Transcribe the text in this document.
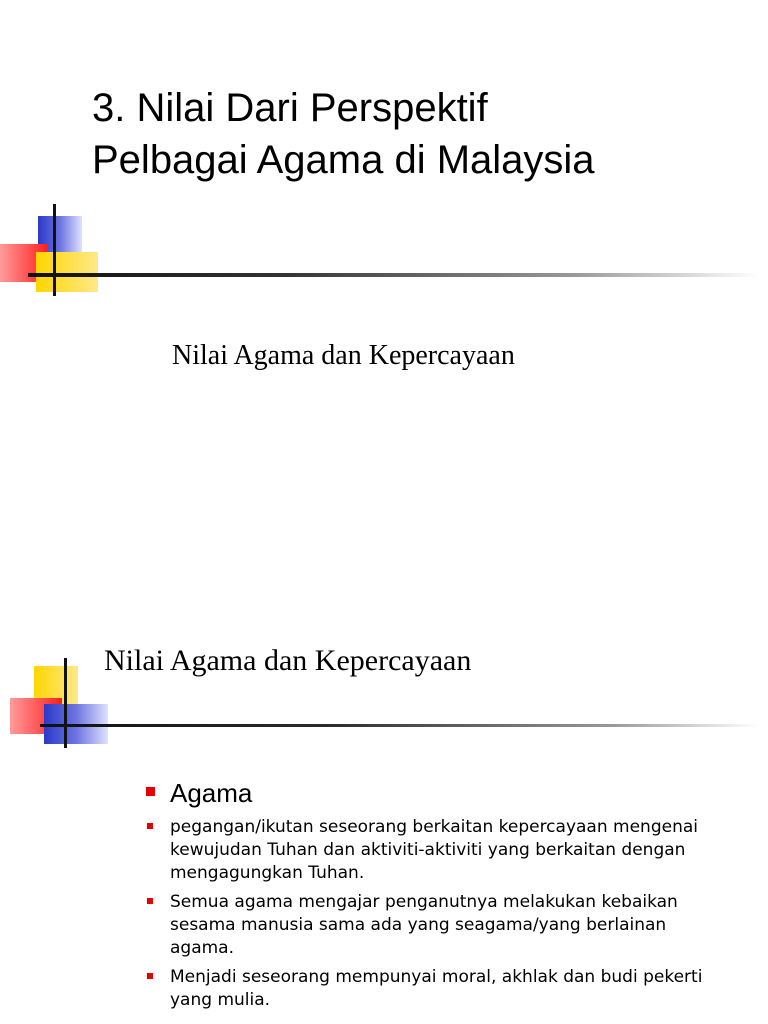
3. Nilai Dari Perspektif
Pelbagai Agama di Malaysia
Nilai Agama dan Kepercayaan
Nilai Agama dan Kepercayaan
Agama
pegangan/ikutan seseorang berkaitan kepercayaan mengenai kewujudan Tuhan dan aktiviti-aktiviti yang berkaitan dengan mengagungkan Tuhan.
Semua agama mengajar penganutnya melakukan kebaikan sesama manusia sama ada yang seagama/yang berlainan agama.
Menjadi seseorang mempunyai moral, akhlak dan budi pekerti yang mulia.
